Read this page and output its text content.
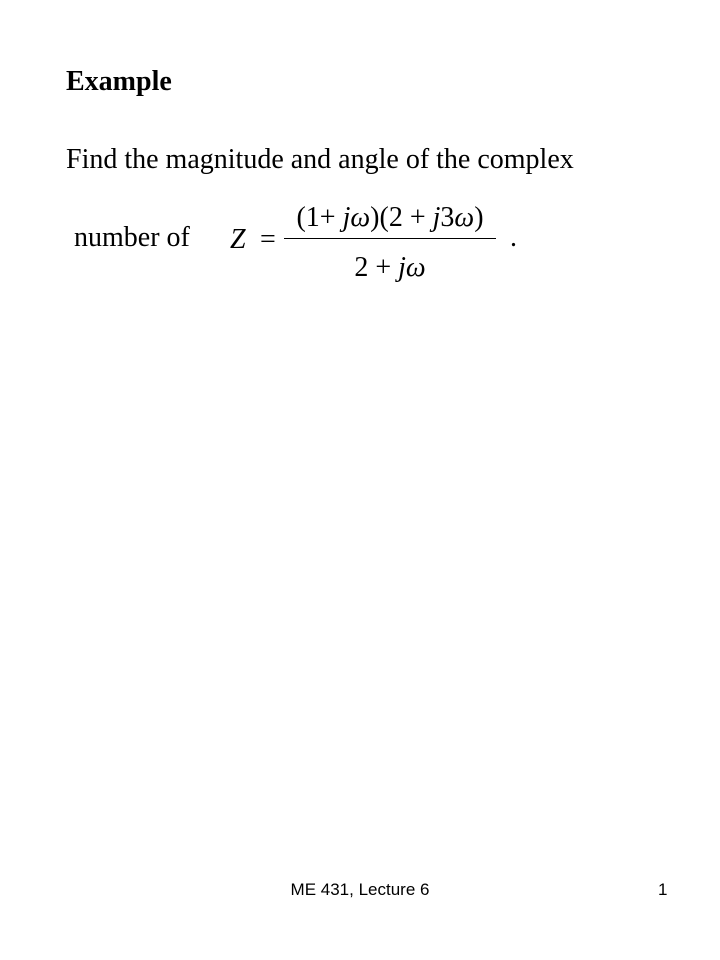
Example
Find the magnitude and angle of the complex
number of Z =
(1+ jω)(2 + j3ω)
2 + jω
.
ME 431, Lecture 6	1
